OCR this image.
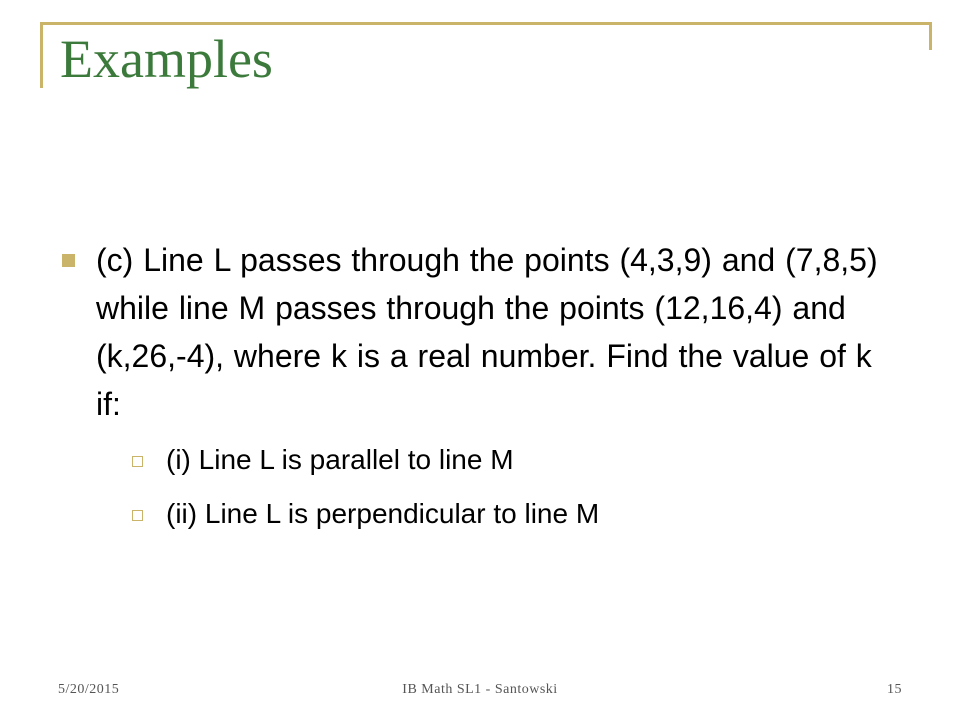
Examples
(c) Line L passes through the points (4,3,9) and (7,8,5) while line M passes through the points (12,16,4) and (k,26,-4), where k is a real number. Find the value of k if:
(i) Line L is parallel to line M
(ii) Line L is perpendicular to line M
5/20/2015	IB Math SL1 - Santowski	15
